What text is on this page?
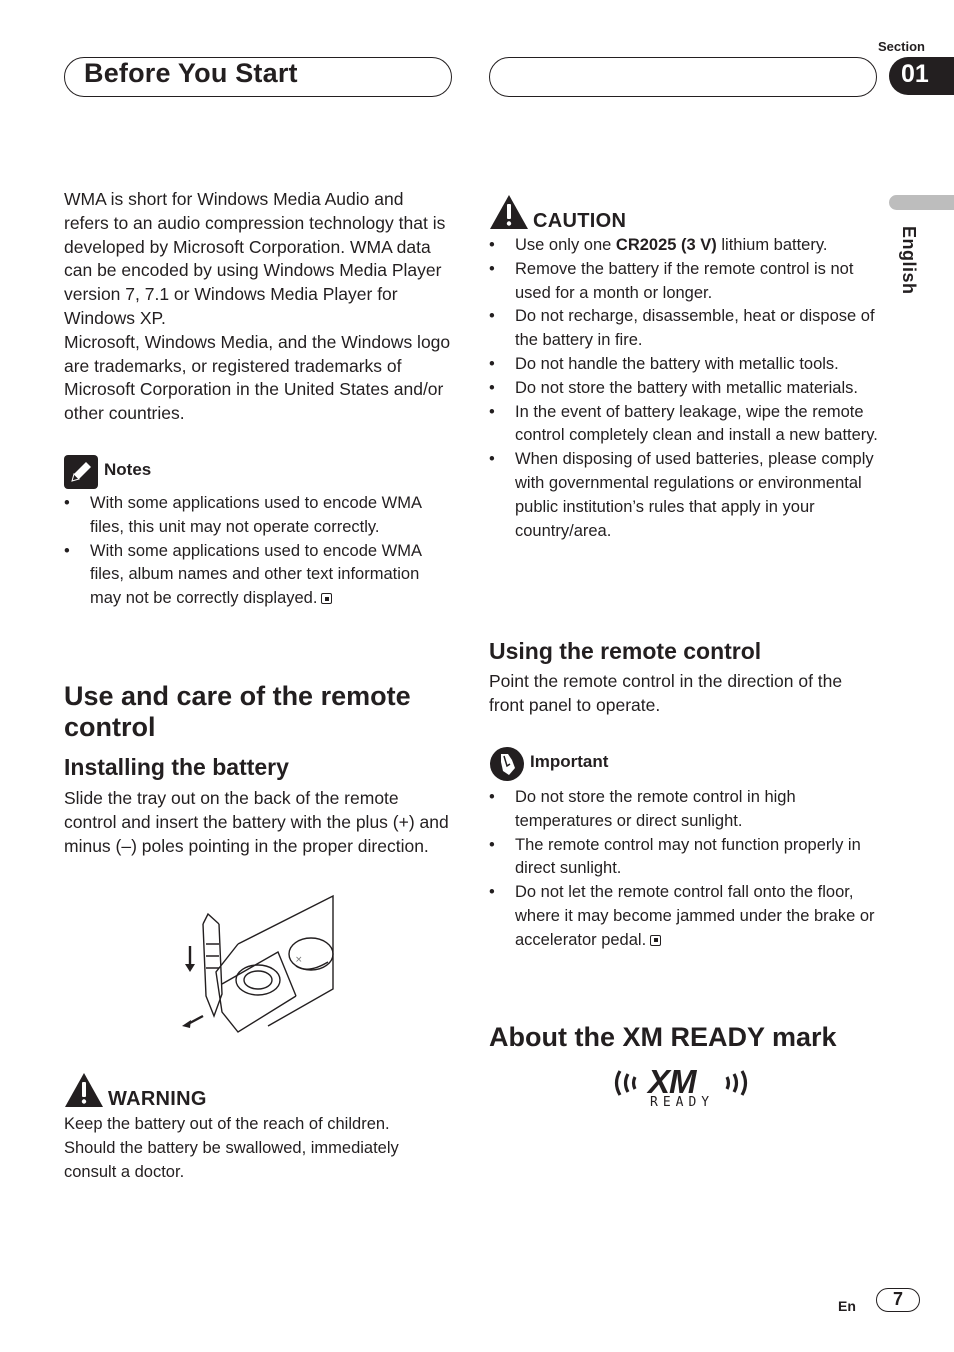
Before You Start
Section
01
English

WMA is short for Windows Media Audio and refers to an audio compression technology that is developed by Microsoft Corporation. WMA data can be encoded by using Windows Media Player version 7, 7.1 or Windows Media Player for Windows XP.

Microsoft, Windows Media, and the Windows logo are trademarks, or registered trademarks of Microsoft Corporation in the United States and/or other countries.

Notes
• With some applications used to encode WMA files, this unit may not operate correctly.
• With some applications used to encode WMA files, album names and other text information may not be correctly displayed.
Use and care of the remote control
Installing the battery
Slide the tray out on the back of the remote control and insert the battery with the plus (+) and minus (–) poles pointing in the proper direction.
×
WARNING
Keep the battery out of the reach of children. Should the battery be swallowed, immediately consult a doctor.
CAUTION
• Use only one CR2025 (3 V) lithium battery.
• Remove the battery if the remote control is not used for a month or longer.
• Do not recharge, disassemble, heat or dispose of the battery in fire.
• Do not handle the battery with metallic tools.
• Do not store the battery with metallic materials.
• In the event of battery leakage, wipe the remote control completely clean and install a new battery.
• When disposing of used batteries, please comply with governmental regulations or environmental public institution’s rules that apply in your country/area.
Using the remote control
Point the remote control in the direction of the front panel to operate.
Important
• Do not store the remote control in high temperatures or direct sunlight.
• The remote control may not function properly in direct sunlight.
• Do not let the remote control fall onto the floor, where it may become jammed under the brake or accelerator pedal.
About the XM READY mark
XM
READY
En	7
